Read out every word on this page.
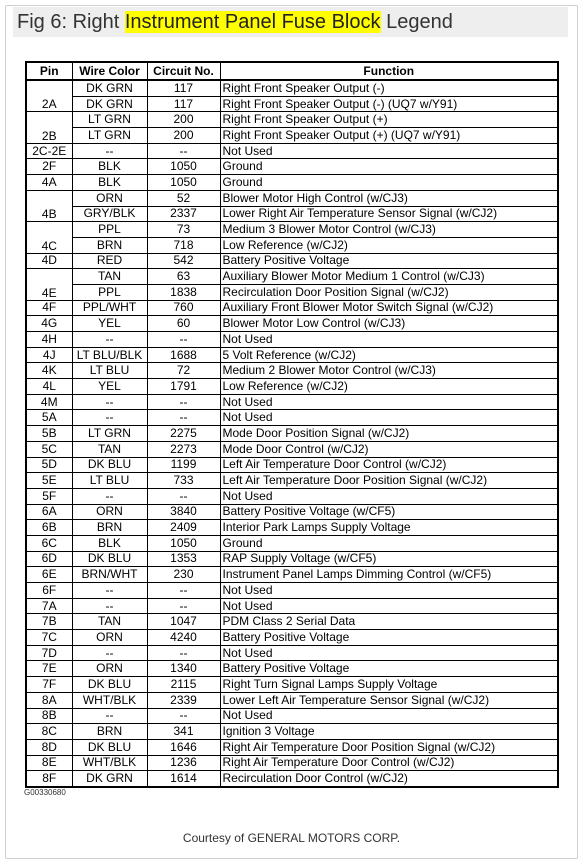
Fig 6: Right Instrument Panel Fuse Block Legend
Pin	Wire Color	Circuit No.	Function
2A	DK GRN	117	Right Front Speaker Output (-)
	DK GRN	117	Right Front Speaker Output (-) (UQ7 w/Y91)
2B	LT GRN	200	Right Front Speaker Output (+)
	LT GRN	200	Right Front Speaker Output (+) (UQ7 w/Y91)
2C-2E	--	--	Not Used
2F	BLK	1050	Ground
4A	BLK	1050	Ground
4B	ORN	52	Blower Motor High Control (w/CJ3)
	GRY/BLK	2337	Lower Right Air Temperature Sensor Signal (w/CJ2)
4C	PPL	73	Medium 3 Blower Motor Control (w/CJ3)
	BRN	718	Low Reference (w/CJ2)
4D	RED	542	Battery Positive Voltage
4E	TAN	63	Auxiliary Blower Motor Medium 1 Control (w/CJ3)
	PPL	1838	Recirculation Door Position Signal (w/CJ2)
4F	PPL/WHT	760	Auxiliary Front Blower Motor Switch Signal (w/CJ2)
4G	YEL	60	Blower Motor Low Control (w/CJ3)
4H	--	--	Not Used
4J	LT BLU/BLK	1688	5 Volt Reference (w/CJ2)
4K	LT BLU	72	Medium 2 Blower Motor Control (w/CJ3)
4L	YEL	1791	Low Reference (w/CJ2)
4M	--	--	Not Used
5A	--	--	Not Used
5B	LT GRN	2275	Mode Door Position Signal (w/CJ2)
5C	TAN	2273	Mode Door Control (w/CJ2)
5D	DK BLU	1199	Left Air Temperature Door Control (w/CJ2)
5E	LT BLU	733	Left Air Temperature Door Position Signal (w/CJ2)
5F	--	--	Not Used
6A	ORN	3840	Battery Positive Voltage (w/CF5)
6B	BRN	2409	Interior Park Lamps Supply Voltage
6C	BLK	1050	Ground
6D	DK BLU	1353	RAP Supply Voltage (w/CF5)
6E	BRN/WHT	230	Instrument Panel Lamps Dimming Control (w/CF5)
6F	--	--	Not Used
7A	--	--	Not Used
7B	TAN	1047	PDM Class 2 Serial Data
7C	ORN	4240	Battery Positive Voltage
7D	--	--	Not Used
7E	ORN	1340	Battery Positive Voltage
7F	DK BLU	2115	Right Turn Signal Lamps Supply Voltage
8A	WHT/BLK	2339	Lower Left Air Temperature Sensor Signal (w/CJ2)
8B	--	--	Not Used
8C	BRN	341	Ignition 3 Voltage
8D	DK BLU	1646	Right Air Temperature Door Position Signal (w/CJ2)
8E	WHT/BLK	1236	Right Air Temperature Door Control (w/CJ2)
8F	DK GRN	1614	Recirculation Door Control (w/CJ2)
G00330680
Courtesy of GENERAL MOTORS CORP.
